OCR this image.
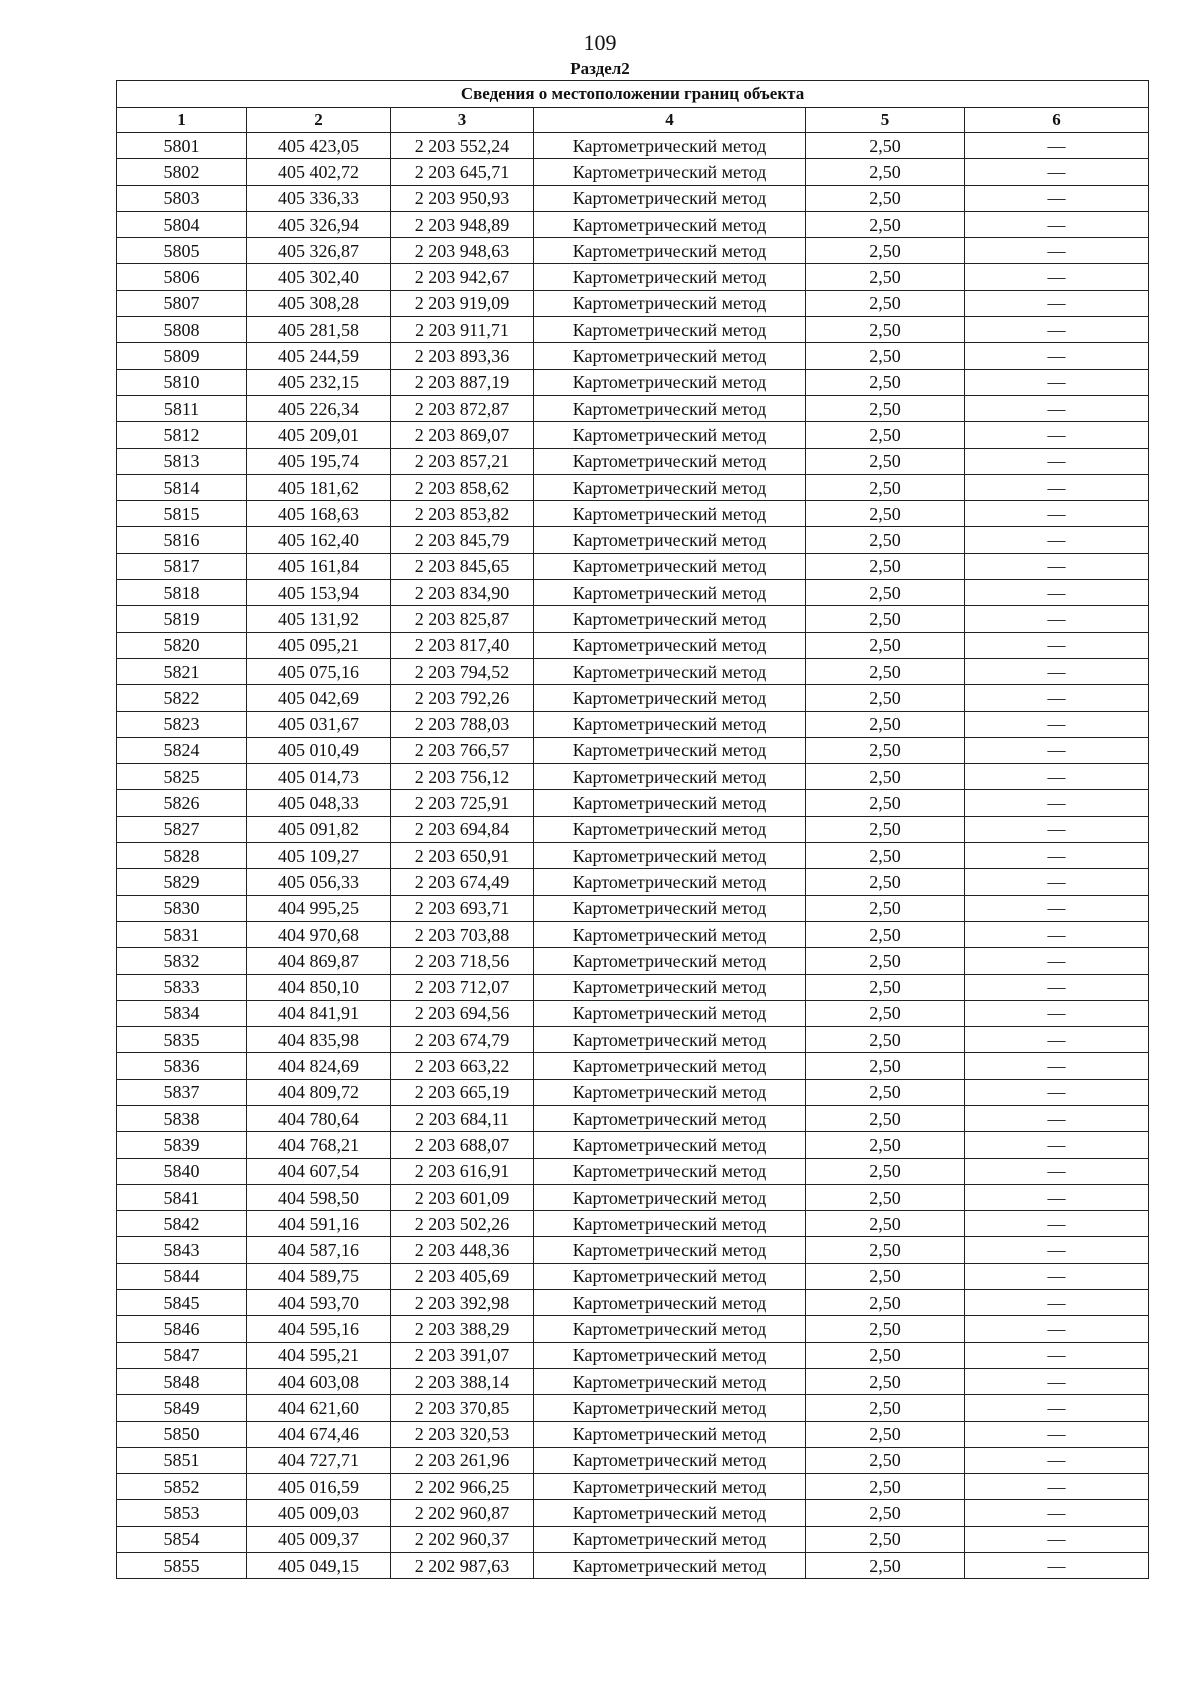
109
Раздел2
Сведения о местоположении границ объекта					
1	2	3	4	5	6
5801	405 423,05	2 203 552,24	Картометрический метод	2,50	—
5802	405 402,72	2 203 645,71	Картометрический метод	2,50	—
5803	405 336,33	2 203 950,93	Картометрический метод	2,50	—
5804	405 326,94	2 203 948,89	Картометрический метод	2,50	—
5805	405 326,87	2 203 948,63	Картометрический метод	2,50	—
5806	405 302,40	2 203 942,67	Картометрический метод	2,50	—
5807	405 308,28	2 203 919,09	Картометрический метод	2,50	—
5808	405 281,58	2 203 911,71	Картометрический метод	2,50	—
5809	405 244,59	2 203 893,36	Картометрический метод	2,50	—
5810	405 232,15	2 203 887,19	Картометрический метод	2,50	—
5811	405 226,34	2 203 872,87	Картометрический метод	2,50	—
5812	405 209,01	2 203 869,07	Картометрический метод	2,50	—
5813	405 195,74	2 203 857,21	Картометрический метод	2,50	—
5814	405 181,62	2 203 858,62	Картометрический метод	2,50	—
5815	405 168,63	2 203 853,82	Картометрический метод	2,50	—
5816	405 162,40	2 203 845,79	Картометрический метод	2,50	—
5817	405 161,84	2 203 845,65	Картометрический метод	2,50	—
5818	405 153,94	2 203 834,90	Картометрический метод	2,50	—
5819	405 131,92	2 203 825,87	Картометрический метод	2,50	—
5820	405 095,21	2 203 817,40	Картометрический метод	2,50	—
5821	405 075,16	2 203 794,52	Картометрический метод	2,50	—
5822	405 042,69	2 203 792,26	Картометрический метод	2,50	—
5823	405 031,67	2 203 788,03	Картометрический метод	2,50	—
5824	405 010,49	2 203 766,57	Картометрический метод	2,50	—
5825	405 014,73	2 203 756,12	Картометрический метод	2,50	—
5826	405 048,33	2 203 725,91	Картометрический метод	2,50	—
5827	405 091,82	2 203 694,84	Картометрический метод	2,50	—
5828	405 109,27	2 203 650,91	Картометрический метод	2,50	—
5829	405 056,33	2 203 674,49	Картометрический метод	2,50	—
5830	404 995,25	2 203 693,71	Картометрический метод	2,50	—
5831	404 970,68	2 203 703,88	Картометрический метод	2,50	—
5832	404 869,87	2 203 718,56	Картометрический метод	2,50	—
5833	404 850,10	2 203 712,07	Картометрический метод	2,50	—
5834	404 841,91	2 203 694,56	Картометрический метод	2,50	—
5835	404 835,98	2 203 674,79	Картометрический метод	2,50	—
5836	404 824,69	2 203 663,22	Картометрический метод	2,50	—
5837	404 809,72	2 203 665,19	Картометрический метод	2,50	—
5838	404 780,64	2 203 684,11	Картометрический метод	2,50	—
5839	404 768,21	2 203 688,07	Картометрический метод	2,50	—
5840	404 607,54	2 203 616,91	Картометрический метод	2,50	—
5841	404 598,50	2 203 601,09	Картометрический метод	2,50	—
5842	404 591,16	2 203 502,26	Картометрический метод	2,50	—
5843	404 587,16	2 203 448,36	Картометрический метод	2,50	—
5844	404 589,75	2 203 405,69	Картометрический метод	2,50	—
5845	404 593,70	2 203 392,98	Картометрический метод	2,50	—
5846	404 595,16	2 203 388,29	Картометрический метод	2,50	—
5847	404 595,21	2 203 391,07	Картометрический метод	2,50	—
5848	404 603,08	2 203 388,14	Картометрический метод	2,50	—
5849	404 621,60	2 203 370,85	Картометрический метод	2,50	—
5850	404 674,46	2 203 320,53	Картометрический метод	2,50	—
5851	404 727,71	2 203 261,96	Картометрический метод	2,50	—
5852	405 016,59	2 202 966,25	Картометрический метод	2,50	—
5853	405 009,03	2 202 960,87	Картометрический метод	2,50	—
5854	405 009,37	2 202 960,37	Картометрический метод	2,50	—
5855	405 049,15	2 202 987,63	Картометрический метод	2,50	—
